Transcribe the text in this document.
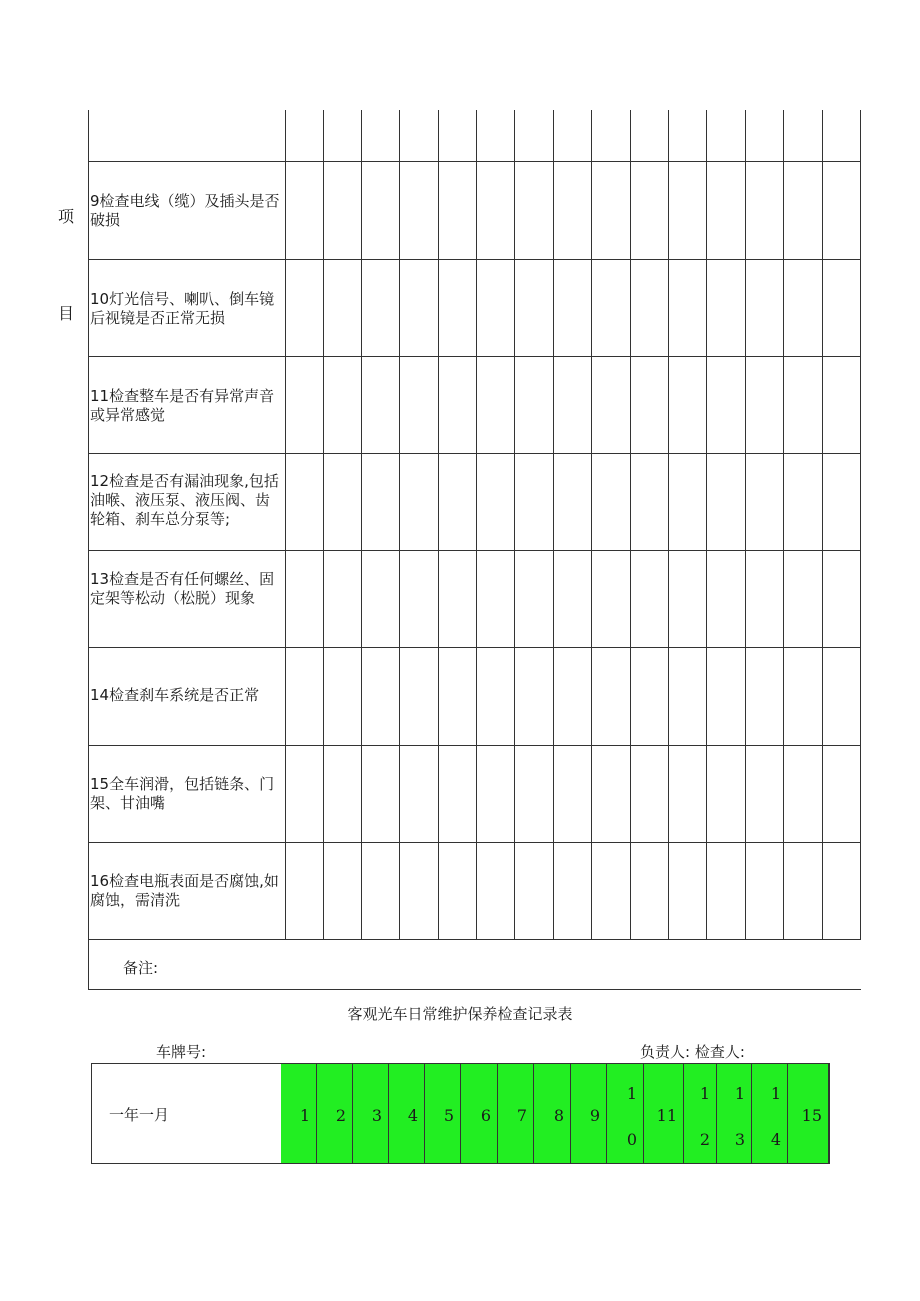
项
目
9检查电线（缆）及插头是否破损
10灯光信号、喇叭、倒车镜后视镜是否正常无损
11检查整车是否有异常声音或异常感觉
12检查是否有漏油现象,包括油喉、液压泵、液压阀、齿轮箱、刹车总分泵等;
13检查是否有任何螺丝、固定架等松动（松脱）现象
14检查刹车系统是否正常
15全车润滑，包括链条、门架、甘油嘴
16检查电瓶表面是否腐蚀,如腐蚀，需清洗
备注:
客观光车日常维护保养检查记录表
车牌号:	负责人: 检查人:
一年一月	1 2 3 4 5 6 7 8 9
1
0
11
1
2
1
3
1
4
15
